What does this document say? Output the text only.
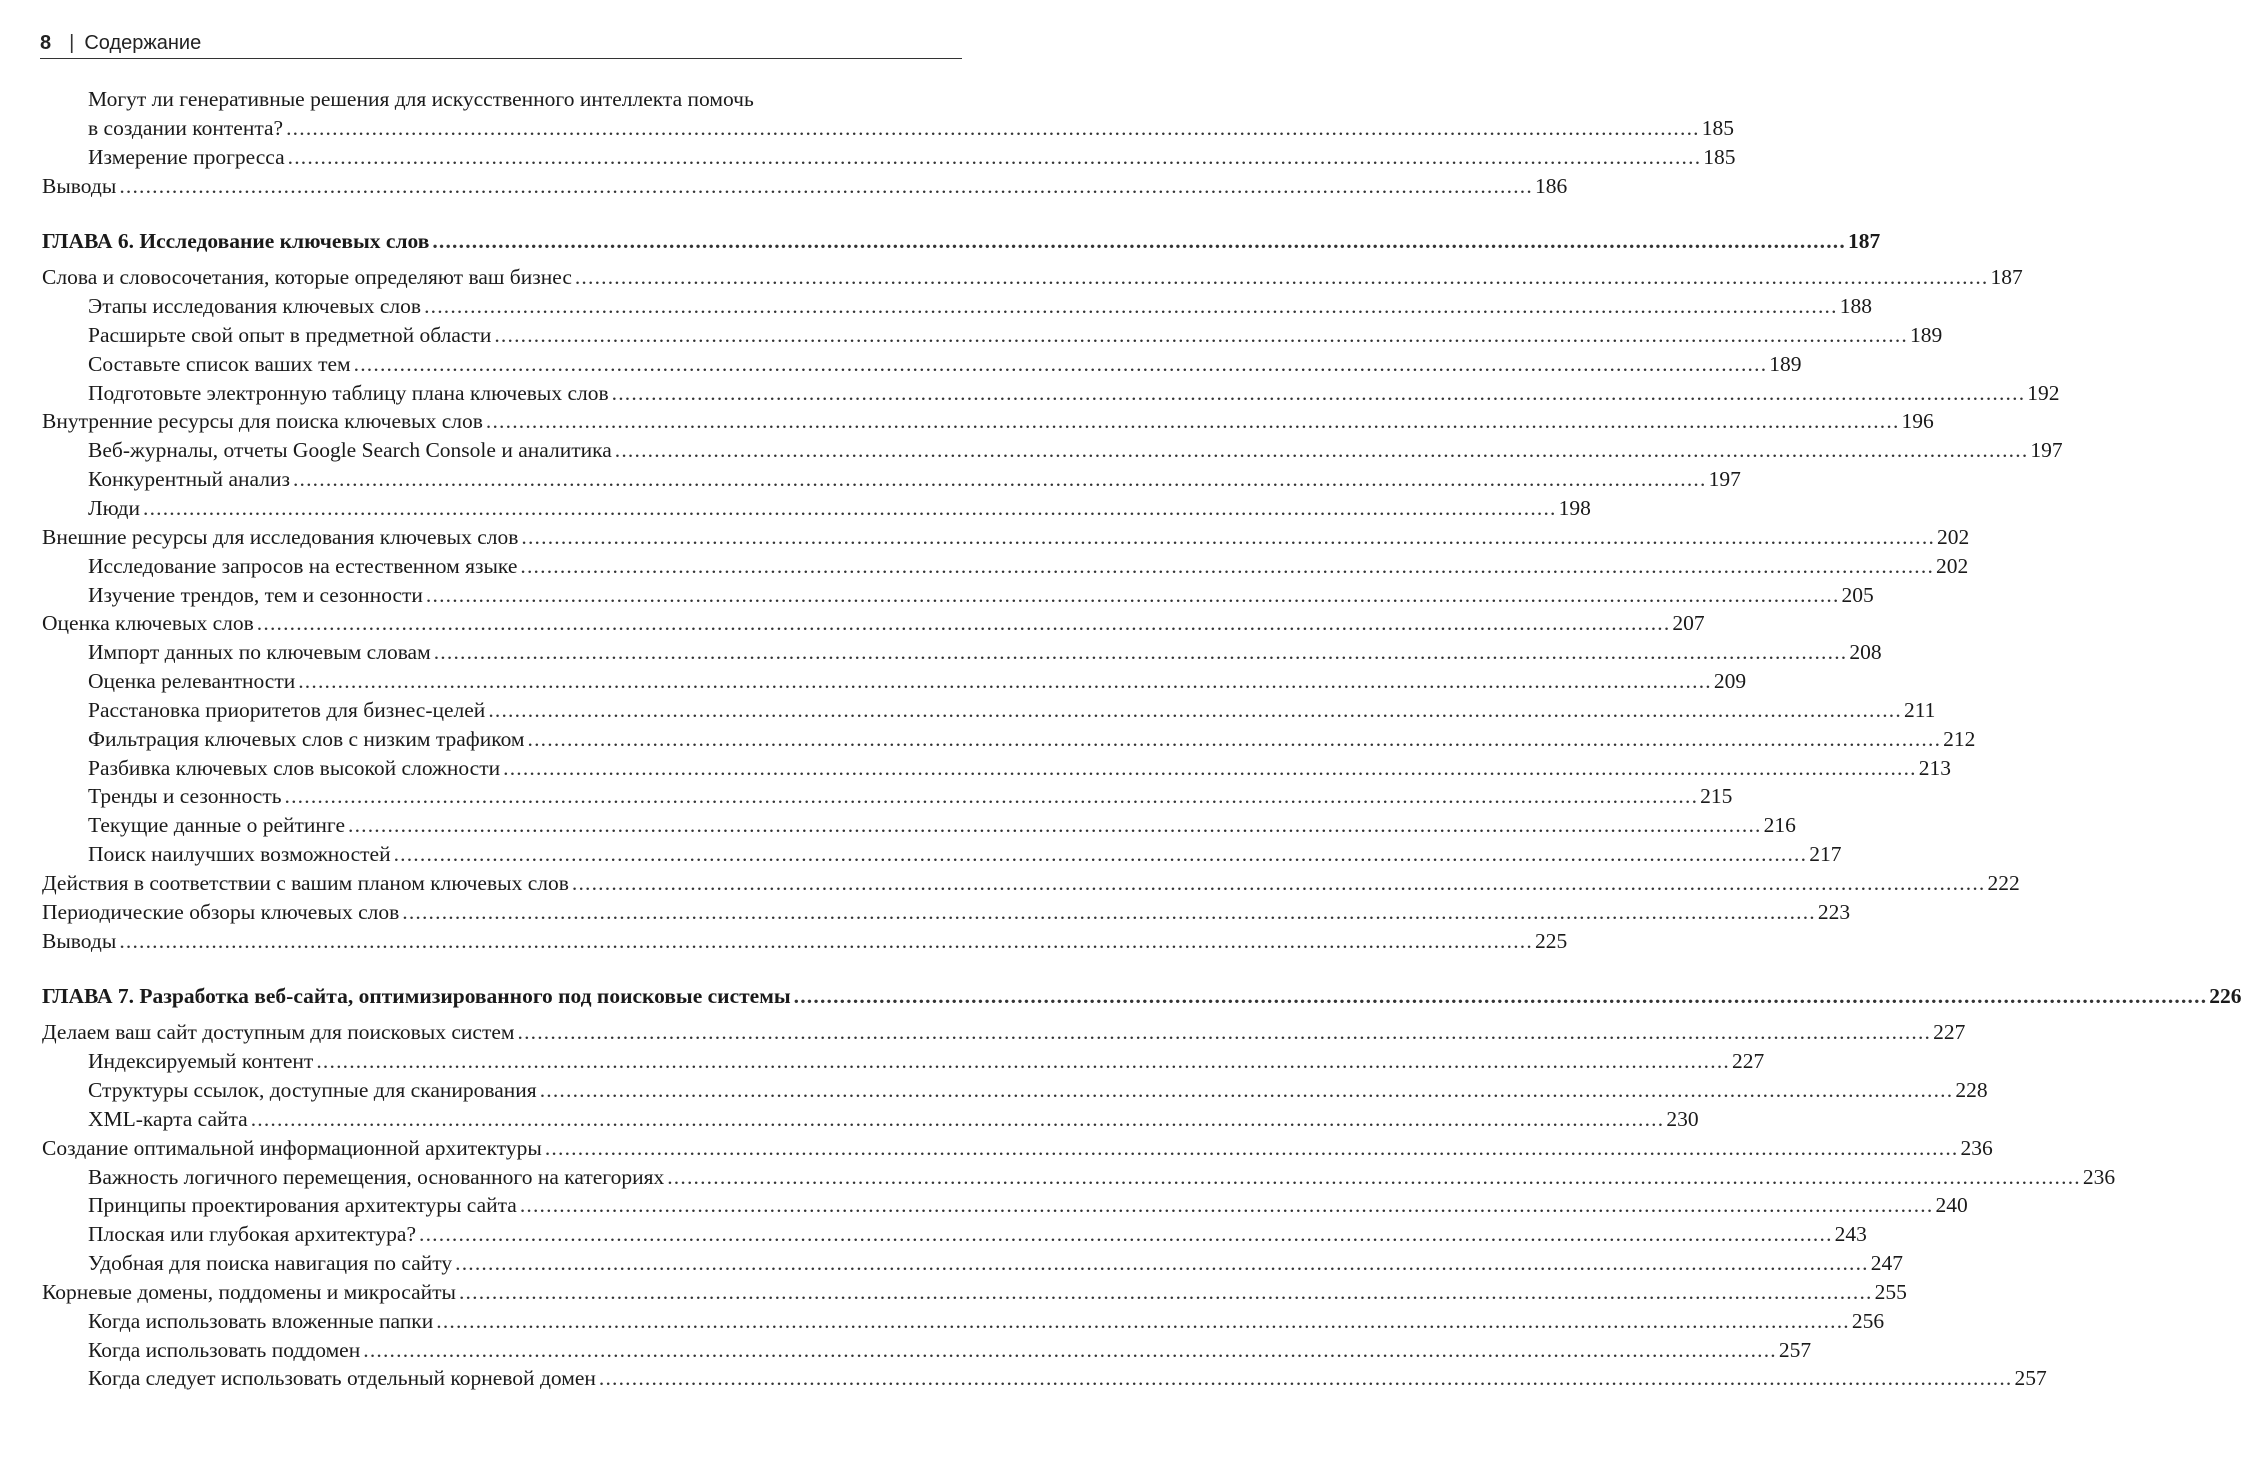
8 | Содержание
Могут ли генеративные решения для искусственного интеллекта помочь
в создании контента? .....	185
Измерение прогресса .....	185
Выводы .....	186
ГЛАВА 6. Исследование ключевых слов .....	187
Слова и словосочетания, которые определяют ваш бизнес .....	187
Этапы исследования ключевых слов .....	188
Расширьте свой опыт в предметной области .....	189
Составьте список ваших тем .....	189
Подготовьте электронную таблицу плана ключевых слов .....	192
Внутренние ресурсы для поиска ключевых слов .....	196
Веб-журналы, отчеты Google Search Console и аналитика .....	197
Конкурентный анализ .....	197
Люди .....	198
Внешние ресурсы для исследования ключевых слов .....	202
Исследование запросов на естественном языке .....	202
Изучение трендов, тем и сезонности .....	205
Оценка ключевых слов .....	207
Импорт данных по ключевым словам .....	208
Оценка релевантности .....	209
Расстановка приоритетов для бизнес-целей .....	211
Фильтрация ключевых слов с низким трафиком .....	212
Разбивка ключевых слов высокой сложности .....	213
Тренды и сезонность .....	215
Текущие данные о рейтинге .....	216
Поиск наилучших возможностей .....	217
Действия в соответствии с вашим планом ключевых слов .....	222
Периодические обзоры ключевых слов .....	223
Выводы .....	225
ГЛАВА 7. Разработка веб-сайта, оптимизированного под поисковые системы .....	226
Делаем ваш сайт доступным для поисковых систем .....	227
Индексируемый контент .....	227
Структуры ссылок, доступные для сканирования .....	228
XML-карта сайта .....	230
Создание оптимальной информационной архитектуры .....	236
Важность логичного перемещения, основанного на категориях .....	236
Принципы проектирования архитектуры сайта .....	240
Плоская или глубокая архитектура? .....	243
Удобная для поиска навигация по сайту .....	247
Корневые домены, поддомены и микросайты .....	255
Когда использовать вложенные папки .....	256
Когда использовать поддомен .....	257
Когда следует использовать отдельный корневой домен .....	257
